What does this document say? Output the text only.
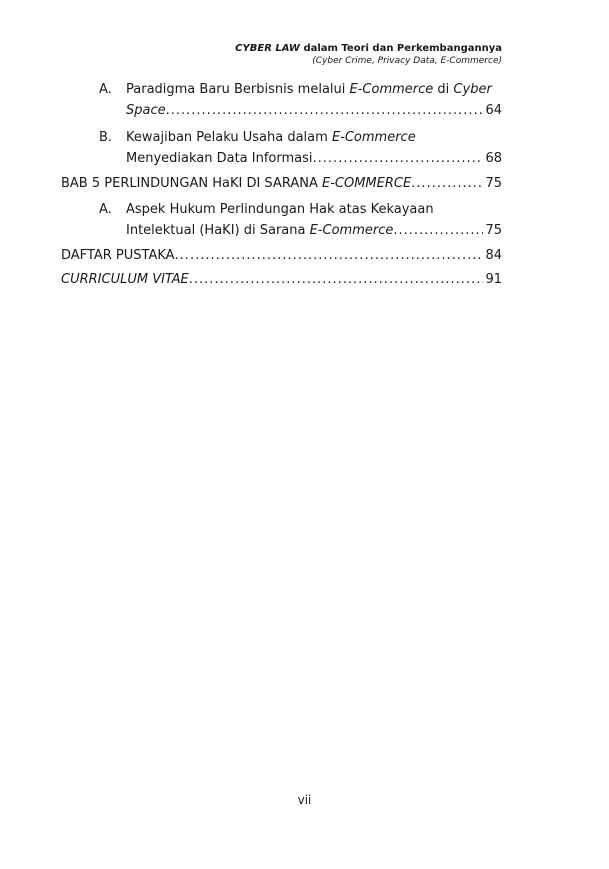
CYBER LAW dalam Teori dan Perkembangannya
(Cyber Crime, Privacy Data, E-Commerce)
A. Paradigma Baru Berbisnis melalui E-Commerce di Cyber
Space .....	64
B. Kewajiban Pelaku Usaha dalam E-Commerce
Menyediakan Data Informasi .....	68
BAB 5 PERLINDUNGAN HaKI DI SARANA E-COMMERCE .....	75
A. Aspek Hukum Perlindungan Hak atas Kekayaan
Intelektual (HaKI) di Sarana E-Commerce .....	75
DAFTAR PUSTAKA .....	84
CURRICULUM VITAE .....	91
vii
